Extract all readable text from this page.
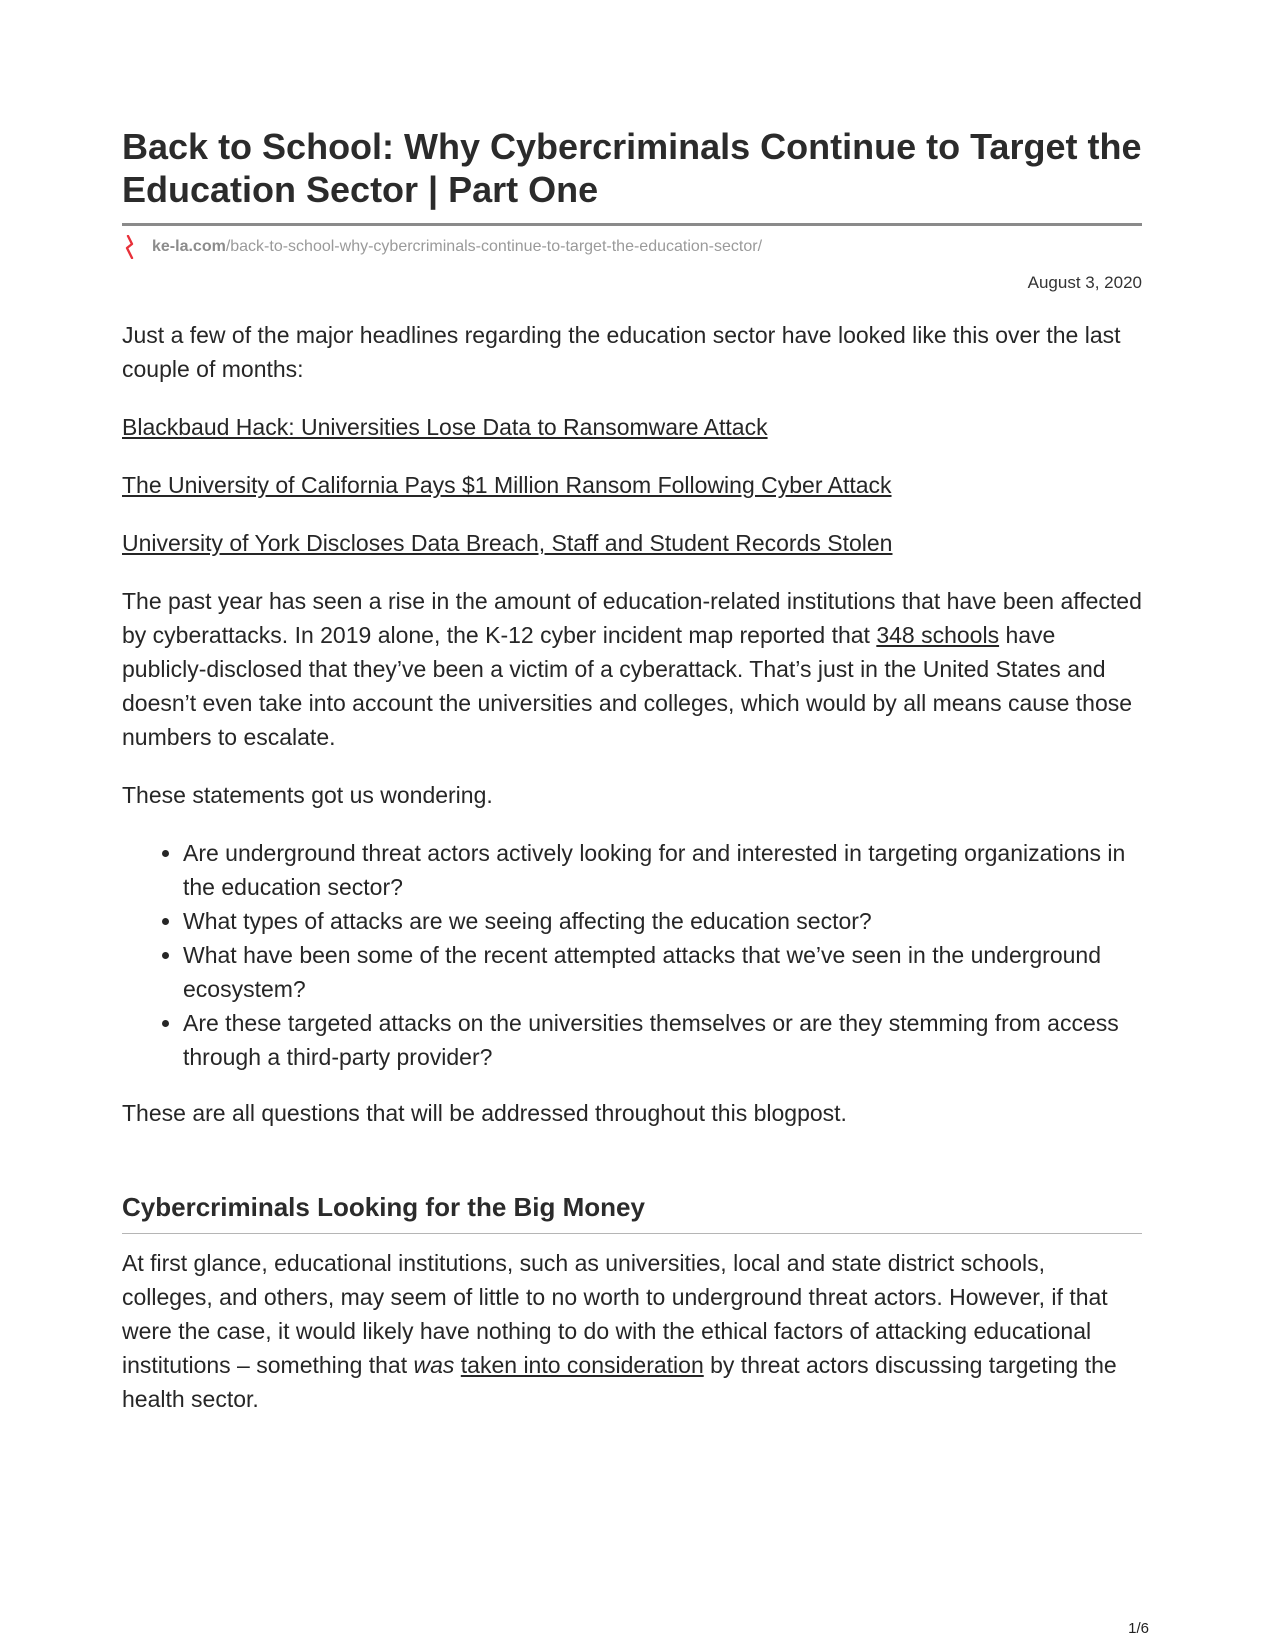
Back to School: Why Cybercriminals Continue to Target the Education Sector | Part One
ke-la.com /back-to-school-why-cybercriminals-continue-to-target-the-education-sector/
August 3, 2020

Just a few of the major headlines regarding the education sector have looked like this over the last couple of months:

Blackbaud Hack: Universities Lose Data to Ransomware Attack
The University of California Pays $1 Million Ransom Following Cyber Attack
University of York Discloses Data Breach, Staff and Student Records Stolen

The past year has seen a rise in the amount of education-related institutions that have been affected by cyberattacks. In 2019 alone, the K-12 cyber incident map reported that 348 schools have publicly-disclosed that they’ve been a victim of a cyberattack. That’s just in the United States and doesn’t even take into account the universities and colleges, which would by all means cause those numbers to escalate.

These statements got us wondering.

• Are underground threat actors actively looking for and interested in targeting organizations in the education sector?
• What types of attacks are we seeing affecting the education sector?
• What have been some of the recent attempted attacks that we’ve seen in the underground ecosystem?
• Are these targeted attacks on the universities themselves or are they stemming from access through a third-party provider?

These are all questions that will be addressed throughout this blogpost.

Cybercriminals Looking for the Big Money

At first glance, educational institutions, such as universities, local and state district schools, colleges, and others, may seem of little to no worth to underground threat actors. However, if that were the case, it would likely have nothing to do with the ethical factors of attacking educational institutions – something that was taken into consideration by threat actors discussing targeting the health sector.

1/6
